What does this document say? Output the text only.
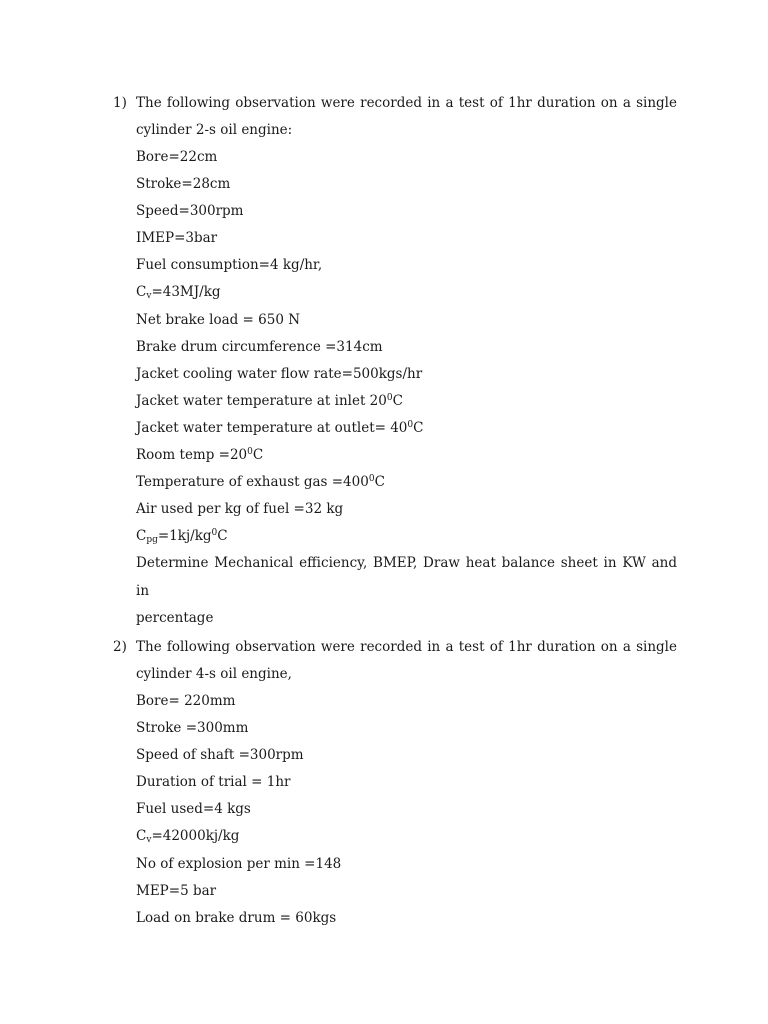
1) The following observation were recorded in a test of 1hr duration on a single
cylinder 2-s oil engine:
Bore=22cm
Stroke=28cm
Speed=300rpm
IMEP=3bar
Fuel consumption=4 kg/hr,
$C_v=43MJ/kg$
Net brake load = 650 N
Brake drum circumference =314cm
Jacket cooling water flow rate=500kgs/hr
Jacket water temperature at inlet $20^0C$
Jacket water temperature at outlet= $40^0C$
Room temp $=20^0C$
Temperature of exhaust gas $=400^0C$
Air used per kg of fuel =32 kg
$C_{pg}=1kj/kg^0C$
Determine Mechanical efficiency, BMEP, Draw heat balance sheet in KW and in
percentage
2) The following observation were recorded in a test of 1hr duration on a single
cylinder 4-s oil engine,
Bore= 220mm
Stroke =300mm
Speed of shaft =300rpm
Duration of trial = 1hr
Fuel used=4 kgs
$C_v=42000kj/kg$
No of explosion per min =148
MEP=5 bar
Load on brake drum = 60kgs
